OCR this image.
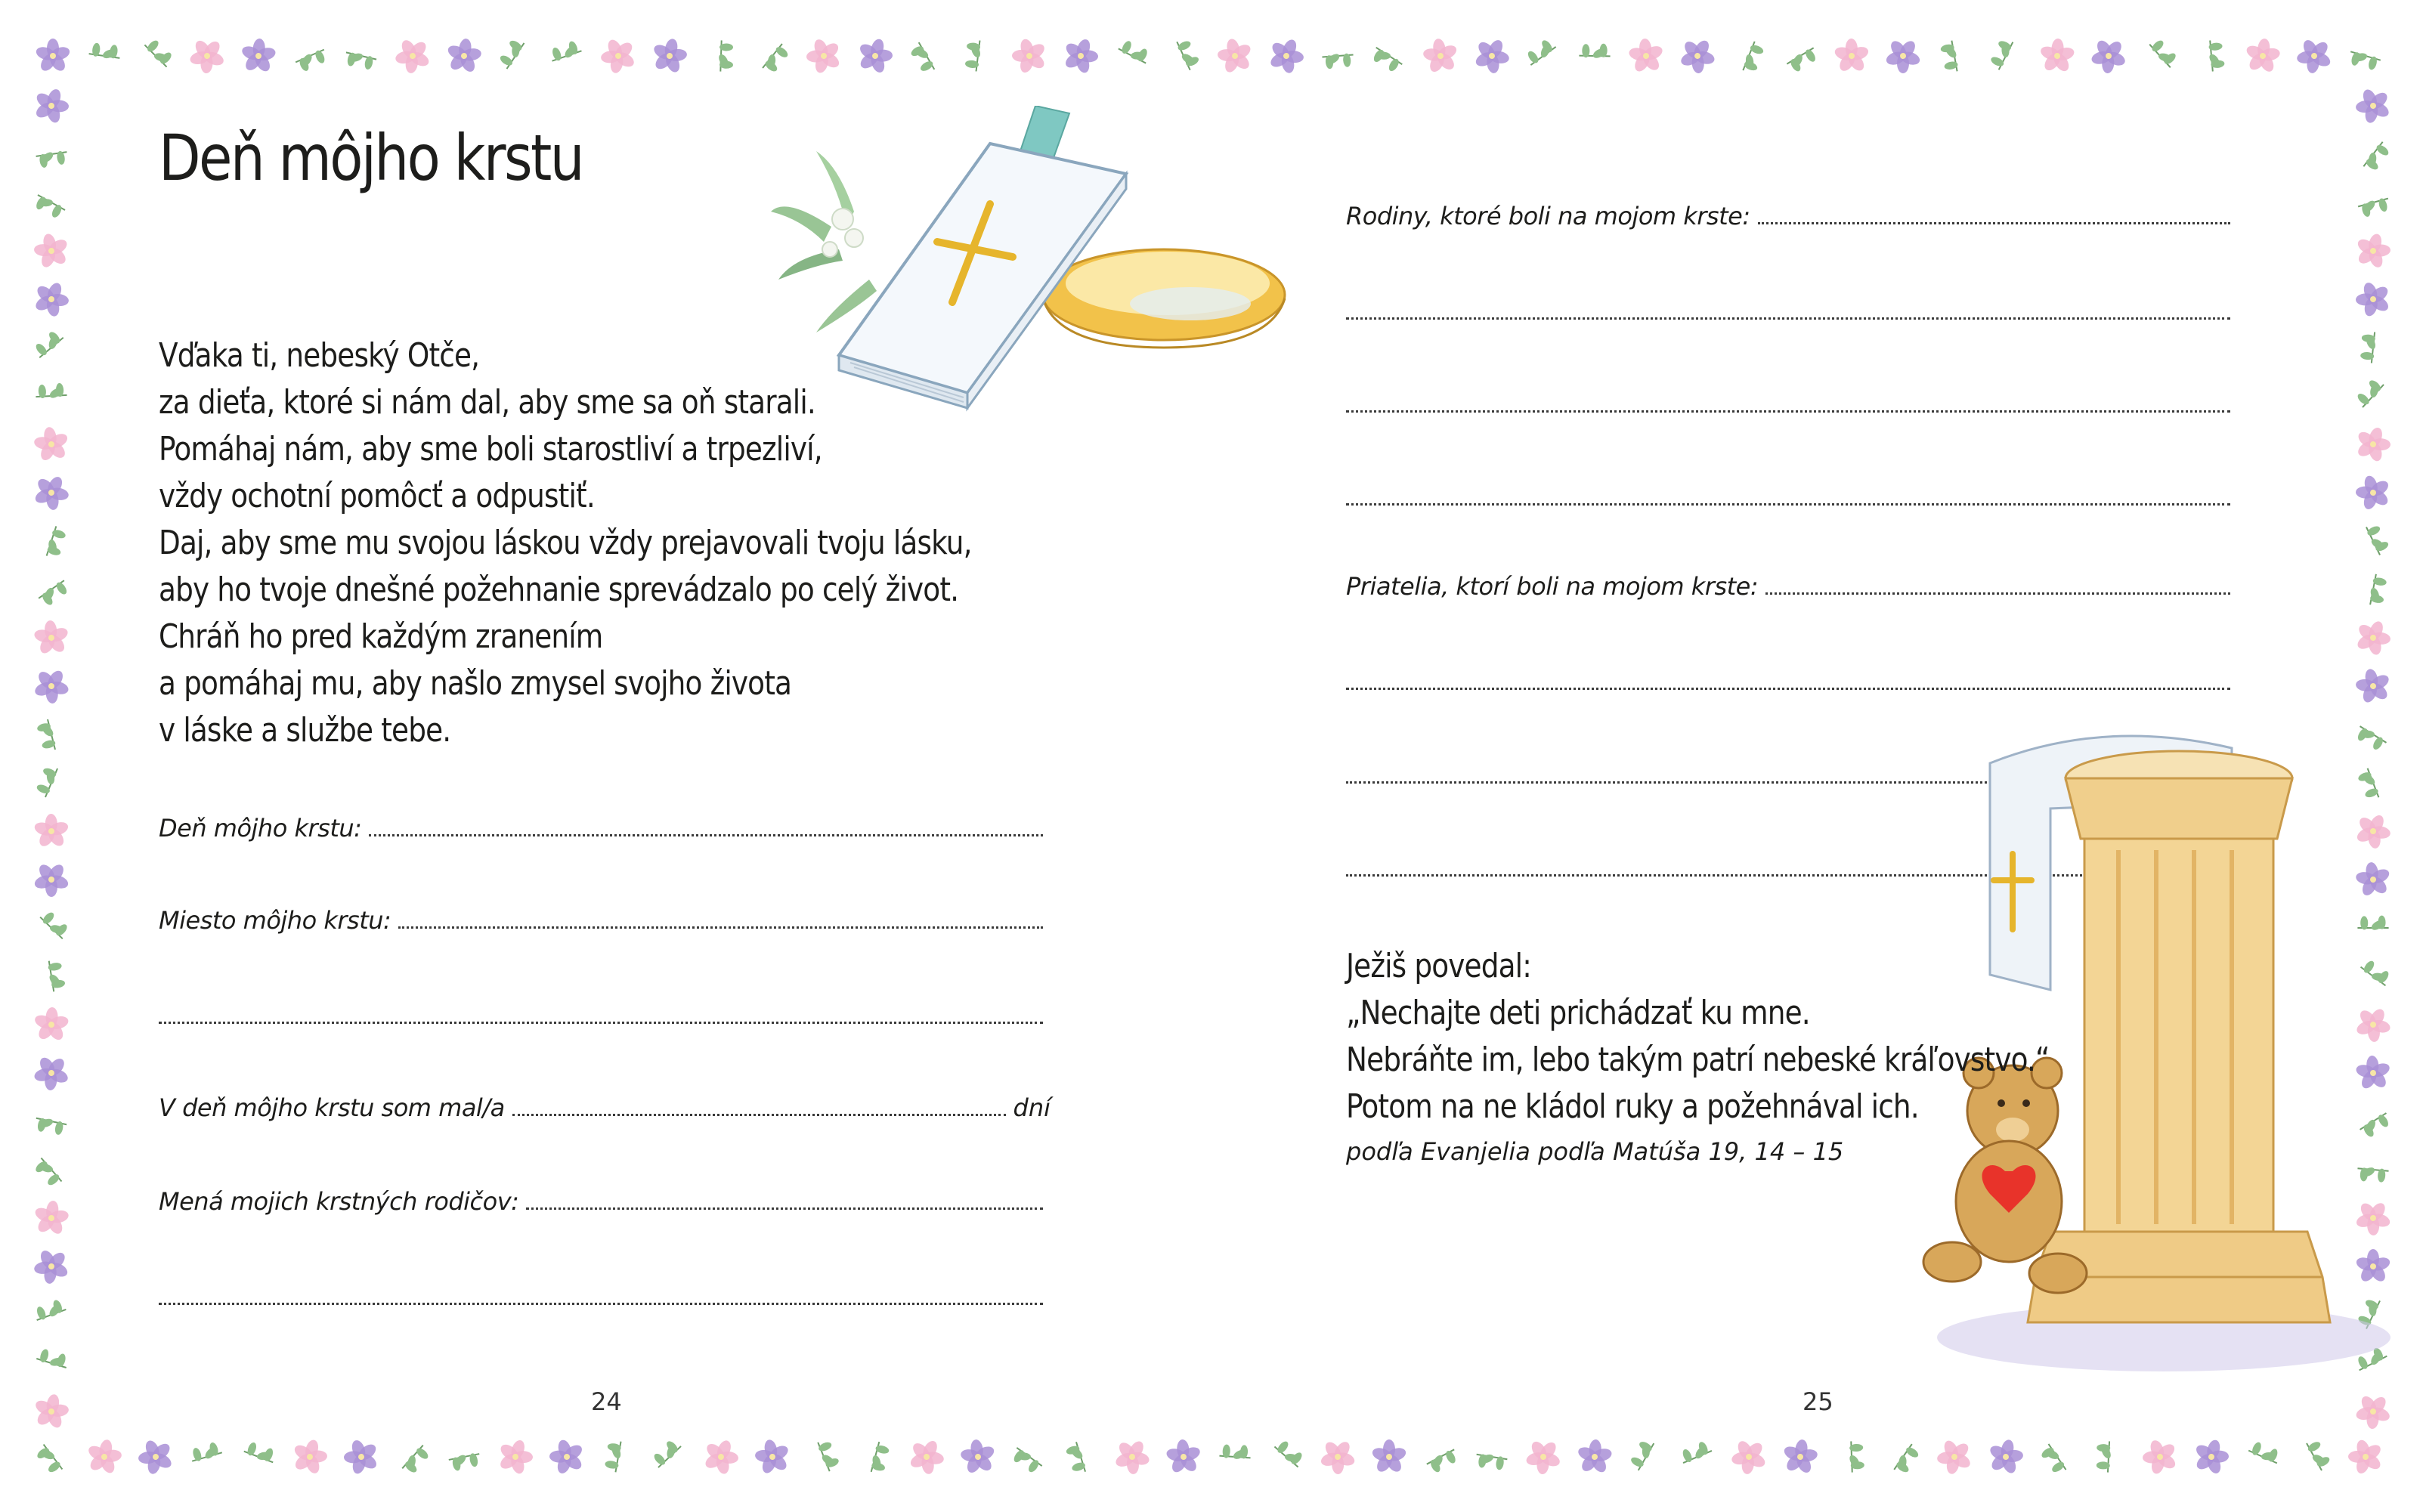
Deň môjho krstu
Vďaka ti, nebeský Otče,
za dieťa, ktoré si nám dal, aby sme sa oň starali.
Pomáhaj nám, aby sme boli starostliví a trpezliví,
vždy ochotní pomôcť a odpustiť.
Daj, aby sme mu svojou láskou vždy prejavovali tvoju lásku,
aby ho tvoje dnešné požehnanie sprevádzalo po celý život.
Chráň ho pred každým zranením
a pomáhaj mu, aby našlo zmysel svojho života
v láske a službe tebe.
Deň môjho krstu:
Miesto môjho krstu:
V deň môjho krstu som mal/a	dní
Mená mojich krstných rodičov:
24
Rodiny, ktoré boli na mojom krste:
Priatelia, ktorí boli na mojom krste:
Ježiš povedal:
„Nechajte deti prichádzať ku mne.
Nebráňte im, lebo takým patrí nebeské kráľovstvo.“
Potom na ne kládol ruky a požehnával ich.
podľa Evanjelia podľa Matúša 19, 14 – 15
25
